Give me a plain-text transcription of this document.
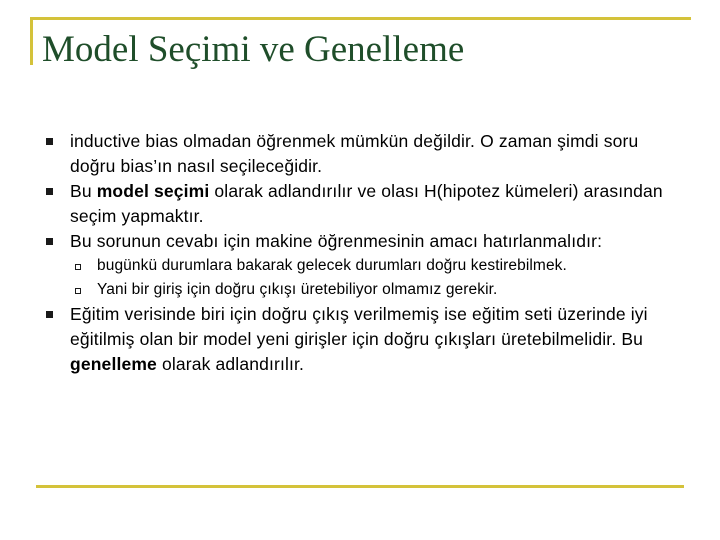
Model Seçimi ve Genelleme
inductive bias olmadan öğrenmek mümkün değildir. O zaman şimdi soru doğru bias’ın nasıl seçileceğidir.
Bu model seçimi olarak adlandırılır ve olası H(hipotez kümeleri) arasından seçim yapmaktır.
Bu sorunun cevabı için makine öğrenmesinin amacı hatırlanmalıdır:
bugünkü durumlara bakarak gelecek durumları doğru kestirebilmek.
Yani bir giriş için doğru çıkışı üretebiliyor olmamız gerekir.
Eğitim verisinde biri için doğru çıkış verilmemiş ise eğitim seti üzerinde iyi eğitilmiş olan bir model yeni girişler için doğru çıkışları üretebilmelidir. Bu genelleme olarak adlandırılır.
